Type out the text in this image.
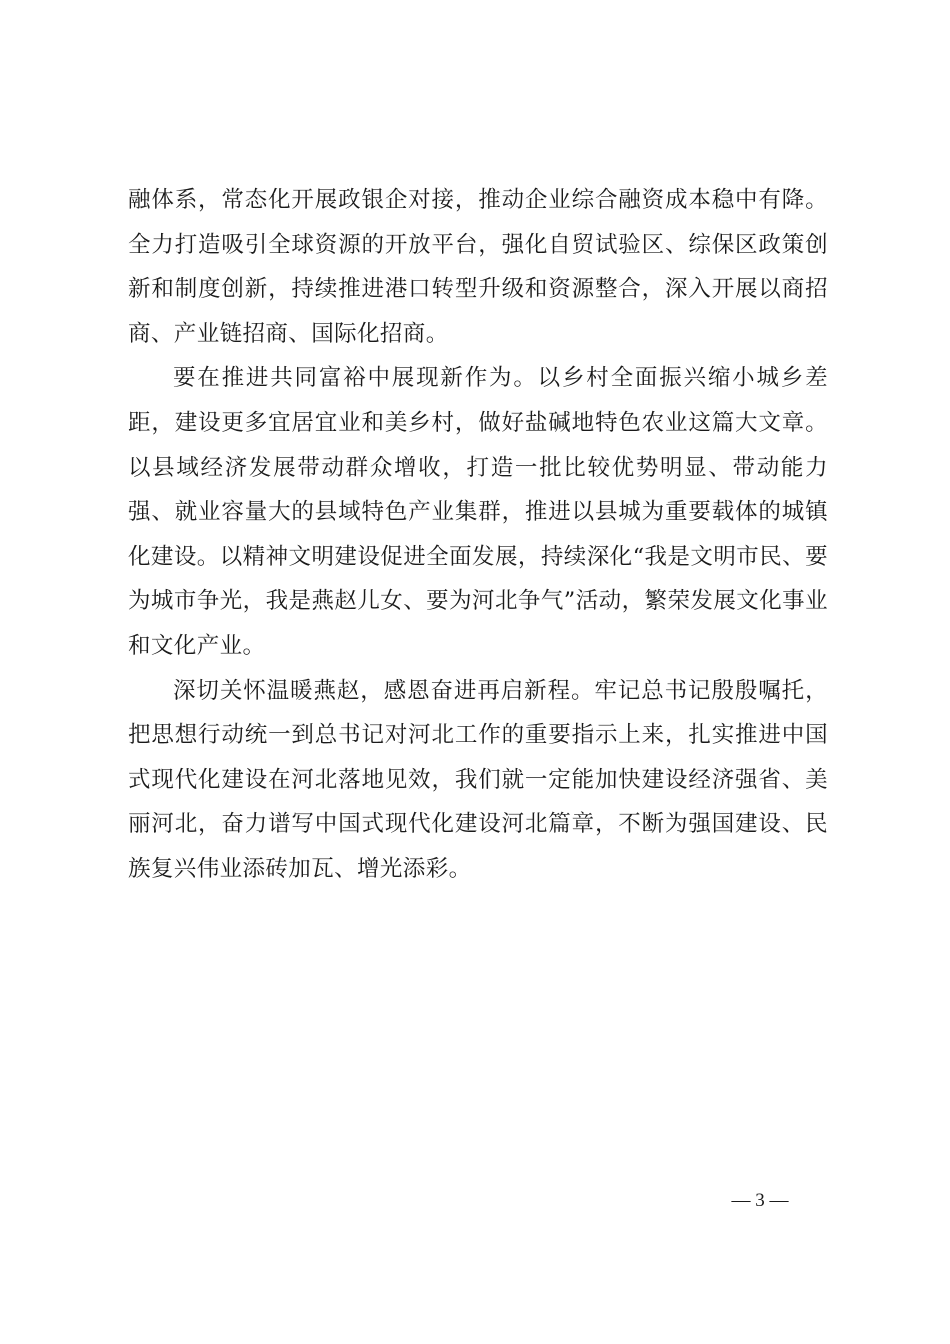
融体系，常态化开展政银企对接，推动企业综合融资成本稳中有降。全力打造吸引全球资源的开放平台，强化自贸试验区、综保区政策创新和制度创新，持续推进港口转型升级和资源整合，深入开展以商招商、产业链招商、国际化招商。

要在推进共同富裕中展现新作为。以乡村全面振兴缩小城乡差距，建设更多宜居宜业和美乡村，做好盐碱地特色农业这篇大文章。以县域经济发展带动群众增收，打造一批比较优势明显、带动能力强、就业容量大的县域特色产业集群，推进以县城为重要载体的城镇化建设。以精神文明建设促进全面发展，持续深化“我是文明市民、要为城市争光，我是燕赵儿女、要为河北争气”活动，繁荣发展文化事业和文化产业。

深切关怀温暖燕赵，感恩奋进再启新程。牢记总书记殷殷嘱托，把思想行动统一到总书记对河北工作的重要指示上来，扎实推进中国式现代化建设在河北落地见效，我们就一定能加快建设经济强省、美丽河北，奋力谱写中国式现代化建设河北篇章，不断为强国建设、民族复兴伟业添砖加瓦、增光添彩。

— 3 —
